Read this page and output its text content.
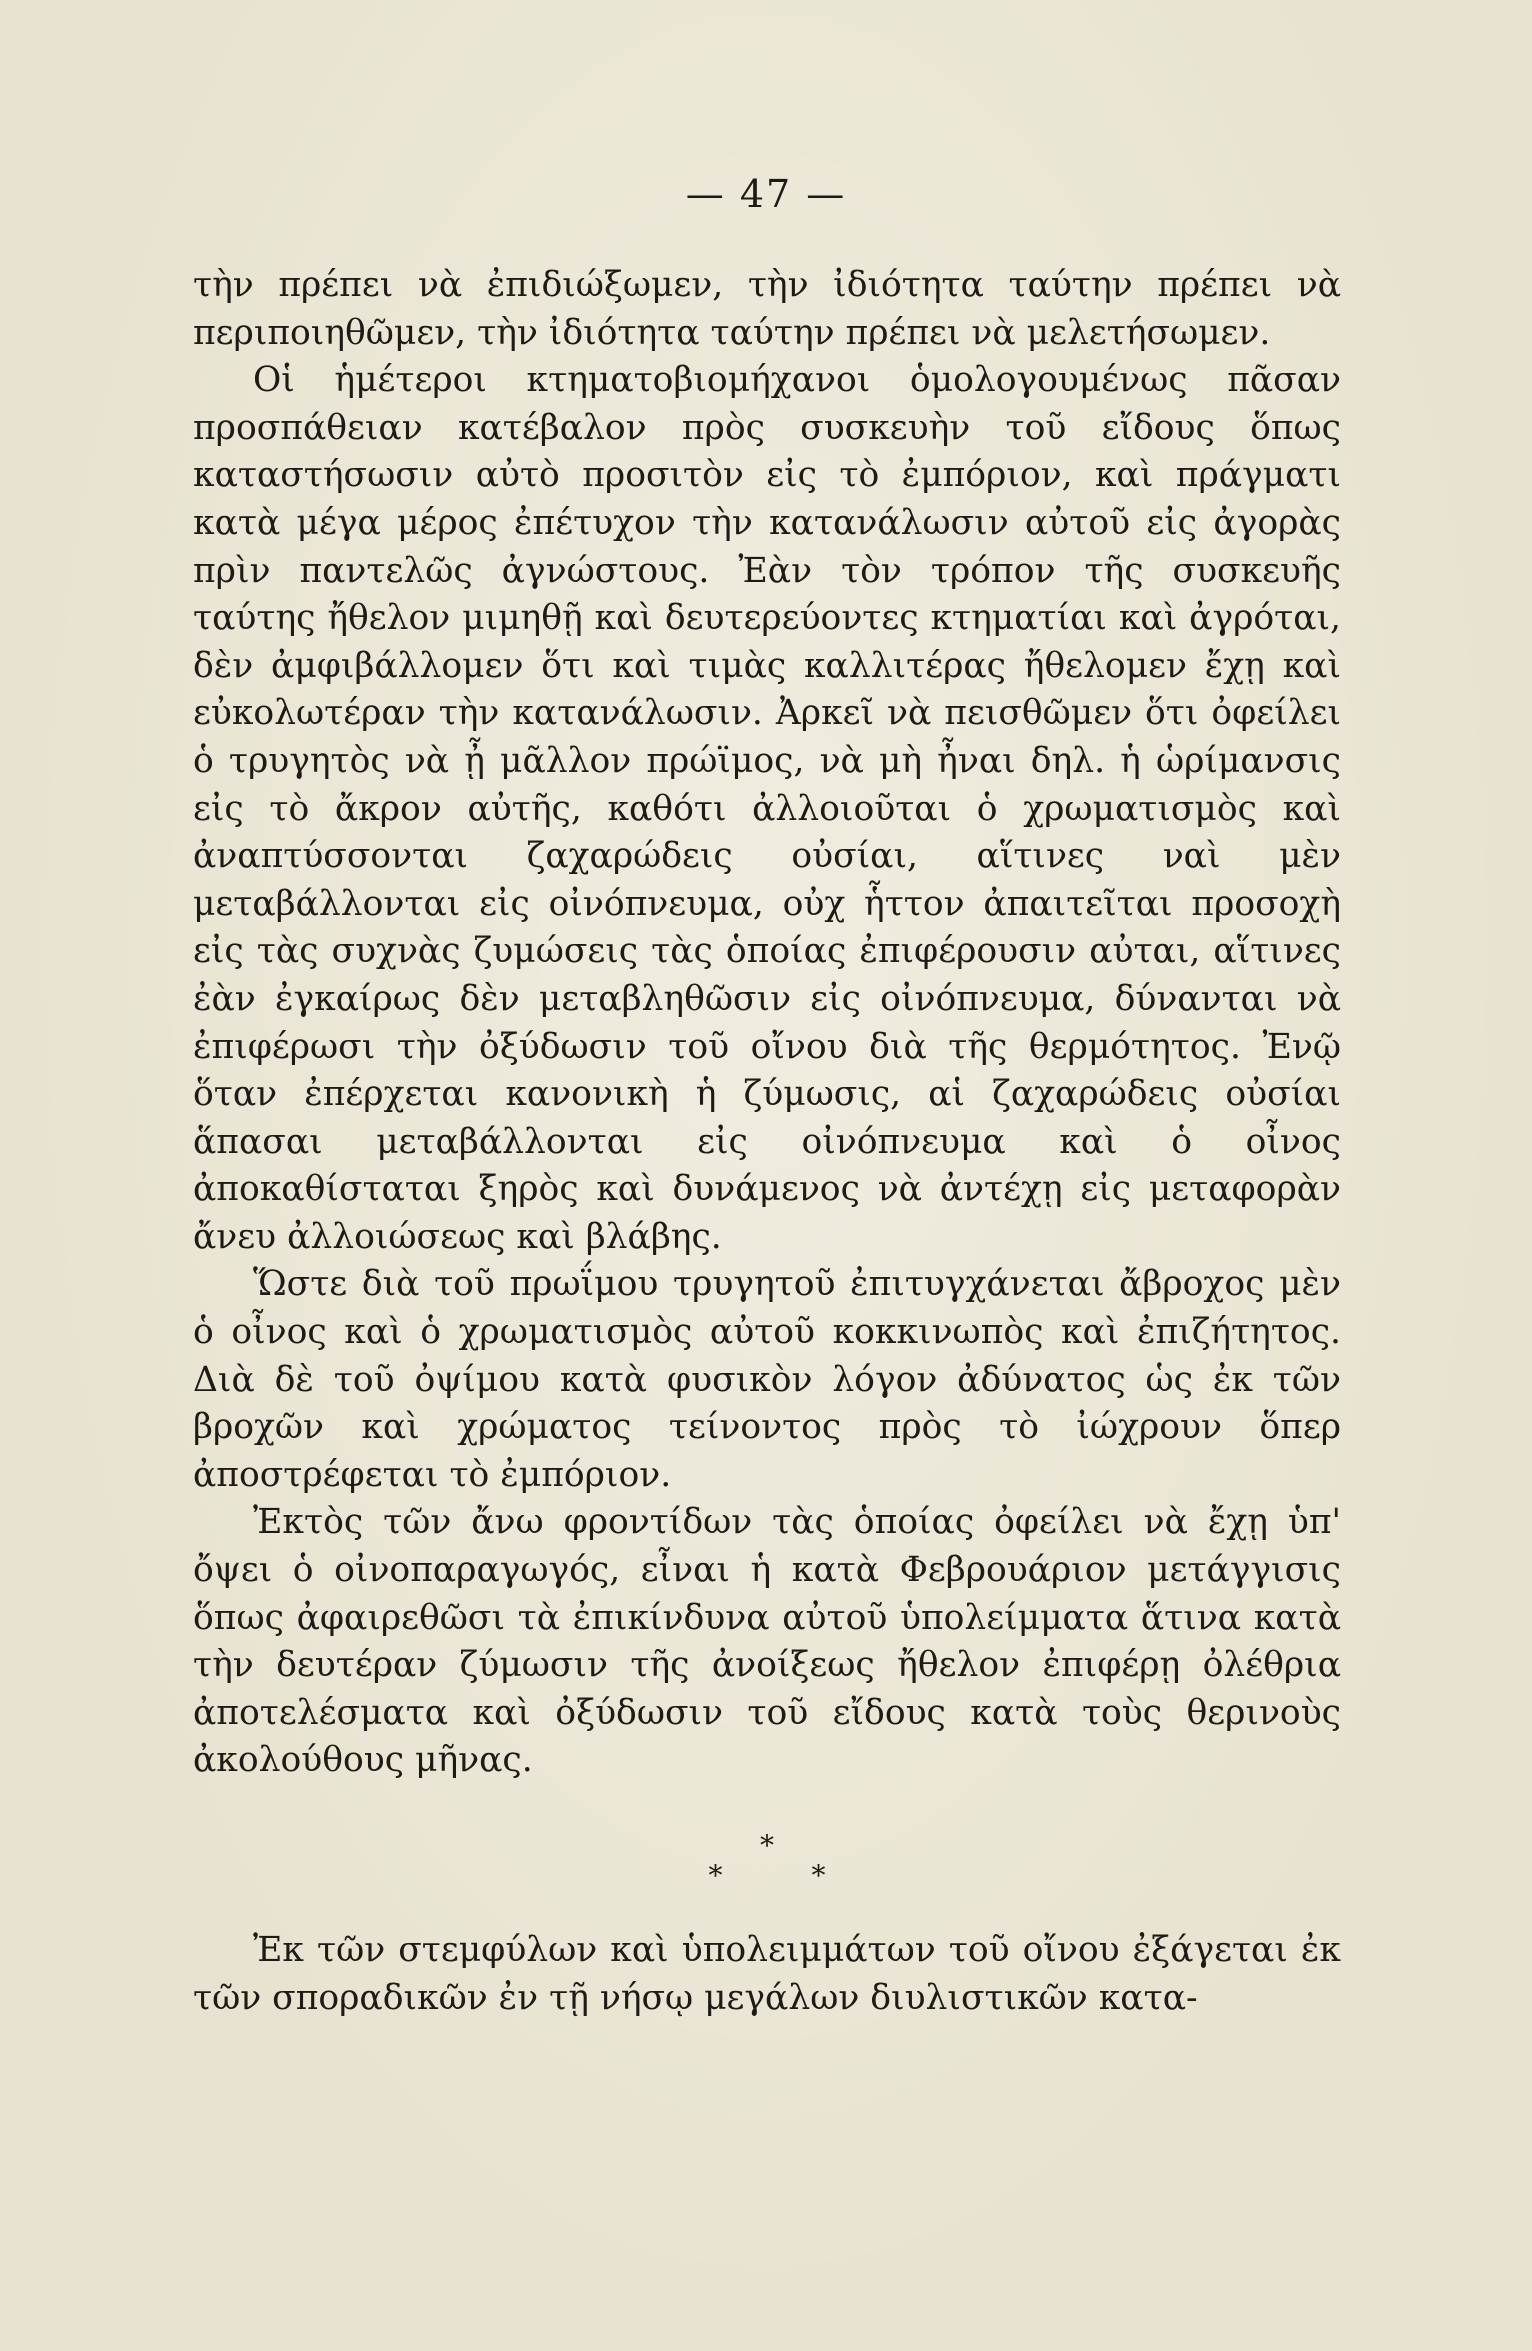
— 47 —

τὴν πρέπει νὰ ἐπιδιώξωμεν, τὴν ἰδιότητα ταύτην πρέπει νὰ περιποιηθῶμεν, τὴν ἰδιότητα ταύτην πρέπει νὰ μελετήσωμεν.

Οἱ ἡμέτεροι κτηματοβιομήχανοι ὁμολογουμένως πᾶσαν προσπάθειαν κατέβαλον πρὸς συσκευὴν τοῦ εἴδους ὅπως καταστήσωσιν αὐτὸ προσιτὸν εἰς τὸ ἐμπόριον, καὶ πράγματι κατὰ μέγα μέρος ἐπέτυχον τὴν κατανάλωσιν αὐτοῦ εἰς ἀγορὰς πρὶν παντελῶς ἀγνώστους. Ἐὰν τὸν τρόπον τῆς συσκευῆς ταύτης ἤθελον μιμηθῇ καὶ δευτερεύοντες κτηματίαι καὶ ἀγρόται, δὲν ἀμφιβάλλομεν ὅτι καὶ τιμὰς καλλιτέρας ἤθελομεν ἔχῃ καὶ εὐκολωτέραν τὴν κατανάλωσιν. Ἀρκεῖ νὰ πεισθῶμεν ὅτι ὀφείλει ὁ τρυγητὸς νὰ ᾖ μᾶλλον πρώϊμος, νὰ μὴ ἦναι δηλ. ἡ ὡρίμανσις εἰς τὸ ἄκρον αὐτῆς, καθότι ἀλλοιοῦται ὁ χρωματισμὸς καὶ ἀναπτύσσονται ζαχαρώδεις οὐσίαι, αἵτινες ναὶ μὲν μεταβάλλονται εἰς οἰνόπνευμα, οὐχ ἧττον ἀπαιτεῖται προσοχὴ εἰς τὰς συχνὰς ζυμώσεις τὰς ὁποίας ἐπιφέρουσιν αὐται, αἵτινες ἐὰν ἐγκαίρως δὲν μεταβληθῶσιν εἰς οἰνόπνευμα, δύνανται νὰ ἐπιφέρωσι τὴν ὀξύδωσιν τοῦ οἴνου διὰ τῆς θερμότητος. Ἐνῷ ὅταν ἐπέρχεται κανονικὴ ἡ ζύμωσις, αἱ ζαχαρώδεις οὐσίαι ἅπασαι μεταβάλλονται εἰς οἰνόπνευμα καὶ ὁ οἶνος ἀποκαθίσταται ξηρὸς καὶ δυνάμενος νὰ ἀντέχῃ εἰς μεταφορὰν ἄνευ ἀλλοιώσεως καὶ βλάβης.

Ὥστε διὰ τοῦ πρωΐμου τρυγητοῦ ἐπιτυγχάνεται ἄβροχος μὲν ὁ οἶνος καὶ ὁ χρωματισμὸς αὐτοῦ κοκκινωπὸς καὶ ἐπιζήτητος. Διὰ δὲ τοῦ ὀψίμου κατὰ φυσικὸν λόγον ἀδύνατος ὡς ἐκ τῶν βροχῶν καὶ χρώματος τείνοντος πρὸς τὸ ἰώχρουν ὅπερ ἀποστρέφεται τὸ ἐμπόριον.

Ἐκτὸς τῶν ἄνω φροντίδων τὰς ὁποίας ὀφείλει νὰ ἔχῃ ὑπ' ὄψει ὁ οἰνοπαραγωγός, εἶναι ἡ κατὰ Φεβρουάριον μετάγγισις ὅπως ἀφαιρεθῶσι τὰ ἐπικίνδυνα αὐτοῦ ὑπολείμματα ἅτινα κατὰ τὴν δευτέραν ζύμωσιν τῆς ἀνοίξεως ἤθελον ἐπιφέρῃ ὀλέθρια ἀποτελέσματα καὶ ὀξύδωσιν τοῦ εἴδους κατὰ τοὺς θερινοὺς ἀκολούθους μῆνας.

*
* *

Ἐκ τῶν στεμφύλων καὶ ὑπολειμμάτων τοῦ οἴνου ἐξάγεται ἐκ τῶν σποραδικῶν ἐν τῇ νήσῳ μεγάλων διυλιστικῶν κατα-
